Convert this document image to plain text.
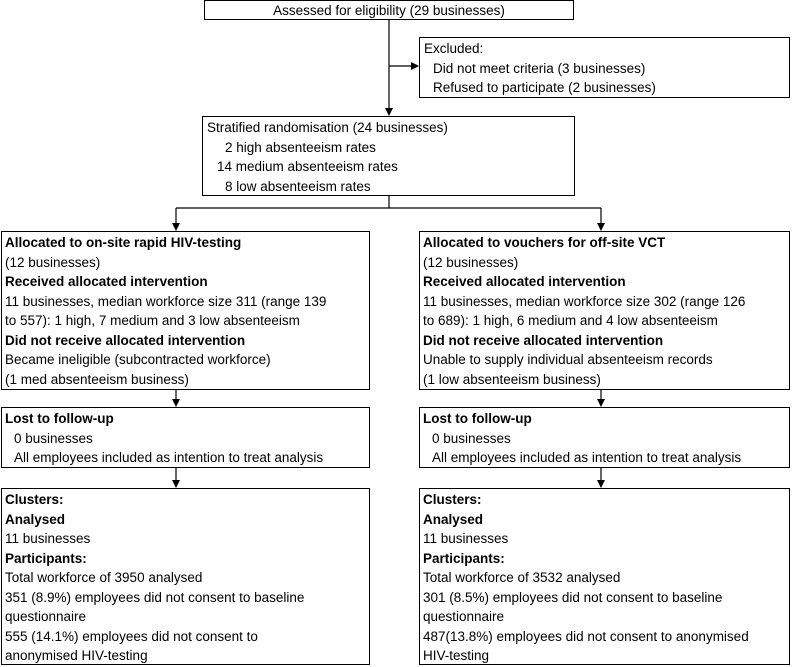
Assessed for eligibility (29 businesses)
Excluded:
Did not meet criteria (3 businesses)
Refused to participate (2 businesses)
Stratified randomisation (24 businesses)
2 high absenteeism rates
14 medium absenteeism rates
8 low absenteeism rates
Allocated to on-site rapid HIV-testing
(12 businesses)
Received allocated intervention
11 businesses, median workforce size 311 (range 139
to 557): 1 high, 7 medium and 3 low absenteeism
Did not receive allocated intervention
Became ineligible (subcontracted workforce)
(1 med absenteeism business)
Lost to follow-up
0 businesses
All employees included as intention to treat analysis
Clusters:
Analysed
11 businesses
Participants:
Total workforce of 3950 analysed
351 (8.9%) employees did not consent to baseline
questionnaire
555 (14.1%) employees did not consent to
anonymised HIV-testing
Allocated to vouchers for off-site VCT
(12 businesses)
Received allocated intervention
11 businesses, median workforce size 302 (range 126
to 689): 1 high, 6 medium and 4 low absenteeism
Did not receive allocated intervention
Unable to supply individual absenteeism records
(1 low absenteeism business)
Lost to follow-up
0 businesses
All employees included as intention to treat analysis
Clusters:
Analysed
11 businesses
Participants:
Total workforce of 3532 analysed
301 (8.5%) employees did not consent to baseline
questionnaire
487(13.8%) employees did not consent to anonymised
HIV-testing
